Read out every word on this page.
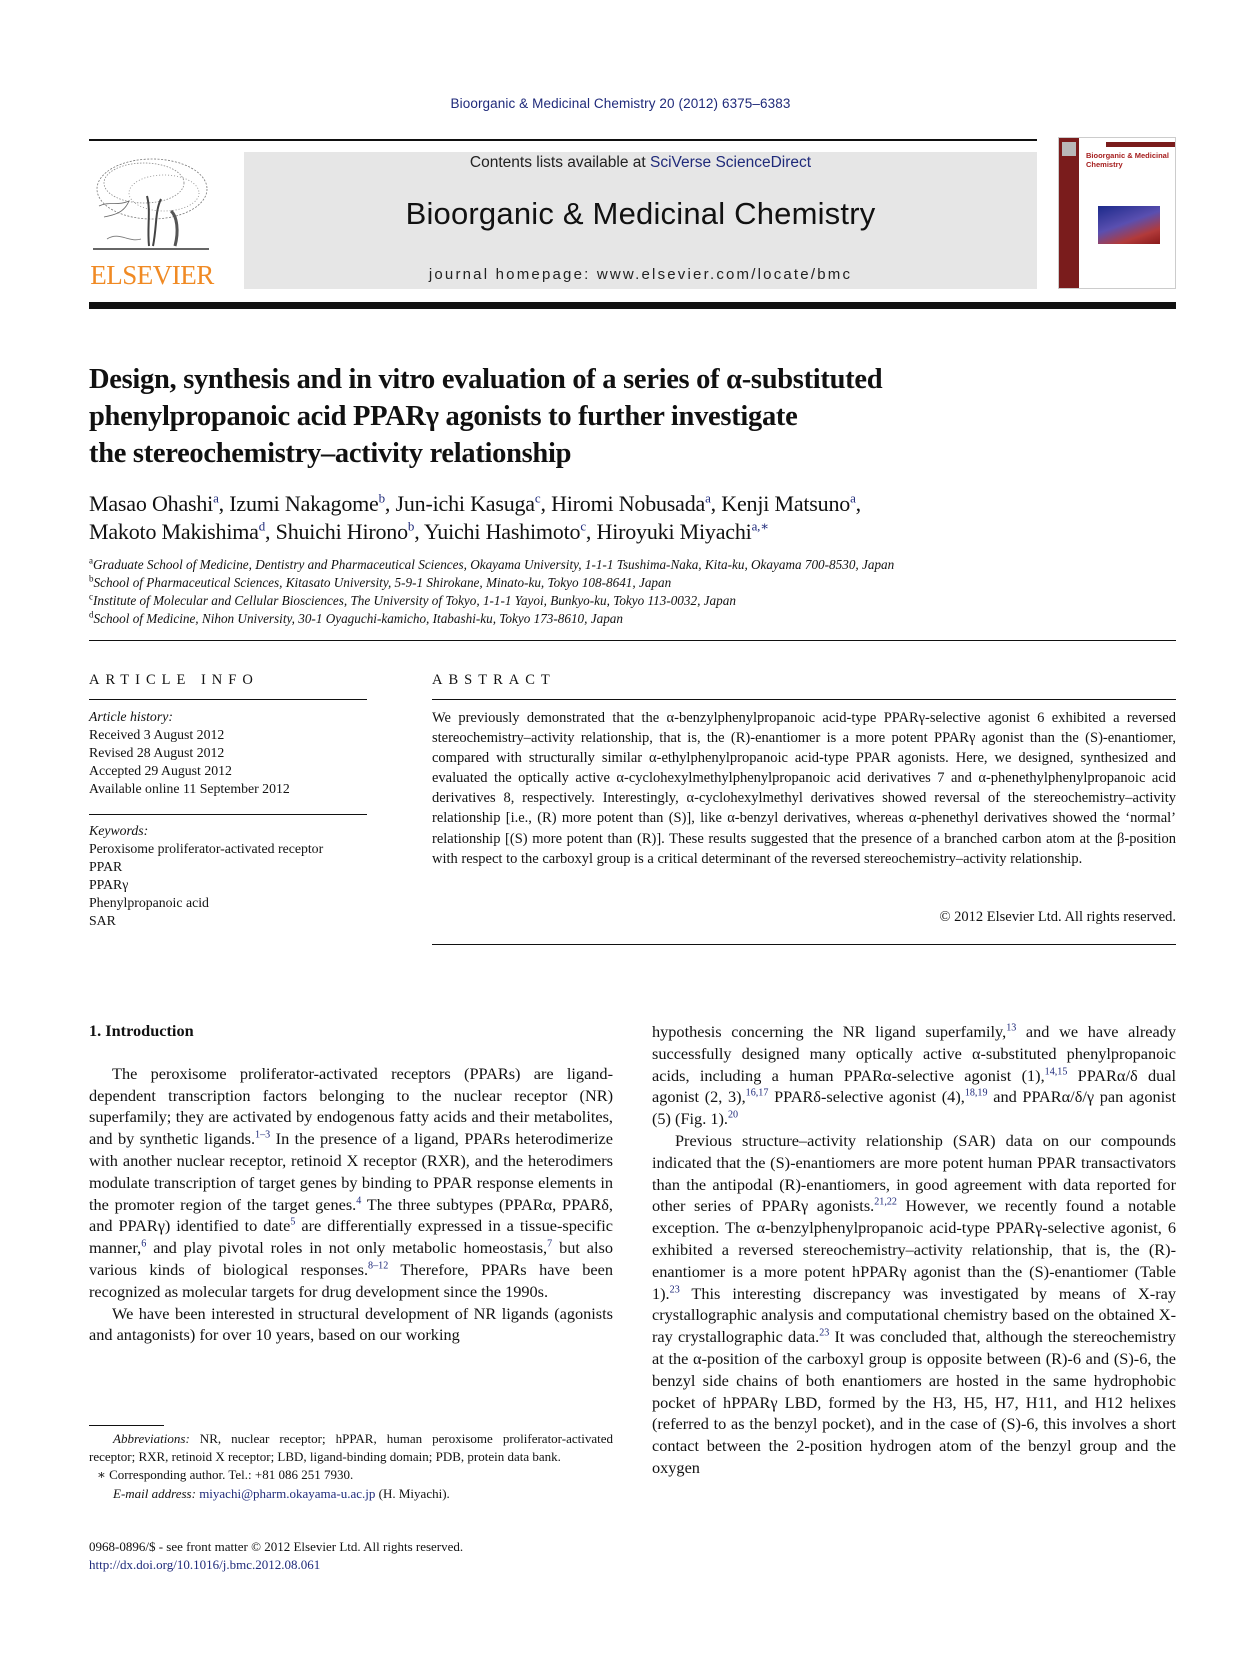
Bioorganic & Medicinal Chemistry 20 (2012) 6375–6383
ELSEVIER
Contents lists available at SciVerse ScienceDirect
Bioorganic & Medicinal Chemistry
journal homepage: www.elsevier.com/locate/bmc
Bioorganic & Medicinal Chemistry
Design, synthesis and in vitro evaluation of a series of α-substituted
phenylpropanoic acid PPARγ agonists to further investigate
the stereochemistry–activity relationship
Masao Ohashi$^a$, Izumi Nakagome$^b$, Jun-ichi Kasuga$^c$, Hiromi Nobusada$^a$, Kenji Matsuno$^a$,
Makoto Makishima$^d$, Shuichi Hirono$^b$, Yuichi Hashimoto$^c$, Hiroyuki Miyachi$^{a,∗}$
$^a$Graduate School of Medicine, Dentistry and Pharmaceutical Sciences, Okayama University, 1-1-1 Tsushima-Naka, Kita-ku, Okayama 700-8530, Japan
$^b$School of Pharmaceutical Sciences, Kitasato University, 5-9-1 Shirokane, Minato-ku, Tokyo 108-8641, Japan
$^c$Institute of Molecular and Cellular Biosciences, The University of Tokyo, 1-1-1 Yayoi, Bunkyo-ku, Tokyo 113-0032, Japan
$^d$School of Medicine, Nihon University, 30-1 Oyaguchi-kamicho, Itabashi-ku, Tokyo 173-8610, Japan
ARTICLE INFO
Article history:
Received 3 August 2012
Revised 28 August 2012
Accepted 29 August 2012
Available online 11 September 2012
Keywords:
Peroxisome proliferator-activated receptor
PPAR
PPARγ
Phenylpropanoic acid
SAR
ABSTRACT
We previously demonstrated that the α-benzylphenylpropanoic acid-type PPARγ-selective agonist 6 exhibited a reversed stereochemistry–activity relationship, that is, the (R)-enantiomer is a more potent PPARγ agonist than the (S)-enantiomer, compared with structurally similar α-ethylphenylpropanoic acid-type PPAR agonists. Here, we designed, synthesized and evaluated the optically active α-cyclohexylmethylphenylpropanoic acid derivatives 7 and α-phenethylphenylpropanoic acid derivatives 8, respectively. Interestingly, α-cyclohexylmethyl derivatives showed reversal of the stereochemistry–activity relationship [i.e., (R) more potent than (S)], like α-benzyl derivatives, whereas α-phenethyl derivatives showed the ‘normal’ relationship [(S) more potent than (R)]. These results suggested that the presence of a branched carbon atom at the β-position with respect to the carboxyl group is a critical determinant of the reversed stereochemistry–activity relationship.
© 2012 Elsevier Ltd. All rights reserved.
1. Introduction

The peroxisome proliferator-activated receptors (PPARs) are ligand-dependent transcription factors belonging to the nuclear receptor (NR) superfamily; they are activated by endogenous fatty acids and their metabolites, and by synthetic ligands.$^{1-3}$ In the presence of a ligand, PPARs heterodimerize with another nuclear receptor, retinoid X receptor (RXR), and the heterodimers modulate transcription of target genes by binding to PPAR response elements in the promoter region of the target genes.$^4$ The three subtypes (PPARα, PPARδ, and PPARγ) identified to date$^5$ are differentially expressed in a tissue-specific manner,$^6$ and play pivotal roles in not only metabolic homeostasis,$^7$ but also various kinds of biological responses.$^{8-12}$ Therefore, PPARs have been recognized as molecular targets for drug development since the 1990s.

We have been interested in structural development of NR ligands (agonists and antagonists) for over 10 years, based on our working

hypothesis concerning the NR ligand superfamily,$^{13}$ and we have already successfully designed many optically active α-substituted phenylpropanoic acids, including a human PPARα-selective agonist (1),$^{14,15}$ PPARα/δ dual agonist (2, 3),$^{16,17}$ PPARδ-selective agonist (4),$^{18,19}$ and PPARα/δ/γ pan agonist (5) (Fig. 1).$^{20}$

Previous structure–activity relationship (SAR) data on our compounds indicated that the (S)-enantiomers are more potent human PPAR transactivators than the antipodal (R)-enantiomers, in good agreement with data reported for other series of PPARγ agonists.$^{21,22}$ However, we recently found a notable exception. The α-benzylphenylpropanoic acid-type PPARγ-selective agonist, 6 exhibited a reversed stereochemistry–activity relationship, that is, the (R)-enantiomer is a more potent hPPARγ agonist than the (S)-enantiomer (Table 1).$^{23}$ This interesting discrepancy was investigated by means of X-ray crystallographic analysis and computational chemistry based on the obtained X-ray crystallographic data.$^{23}$ It was concluded that, although the stereochemistry at the α-position of the carboxyl group is opposite between (R)-6 and (S)-6, the benzyl side chains of both enantiomers are hosted in the same hydrophobic pocket of hPPARγ LBD, formed by the H3, H5, H7, H11, and H12 helixes (referred to as the benzyl pocket), and in the case of (S)-6, this involves a short contact between the 2-position hydrogen atom of the benzyl group and the oxygen

Abbreviations: NR, nuclear receptor; hPPAR, human peroxisome proliferator-activated receptor; RXR, retinoid X receptor; LBD, ligand-binding domain; PDB, protein data bank.
∗ Corresponding author. Tel.: +81 086 251 7930.
E-mail address: miyachi@pharm.okayama-u.ac.jp (H. Miyachi).
0968-0896/$ - see front matter © 2012 Elsevier Ltd. All rights reserved.
http://dx.doi.org/10.1016/j.bmc.2012.08.061
